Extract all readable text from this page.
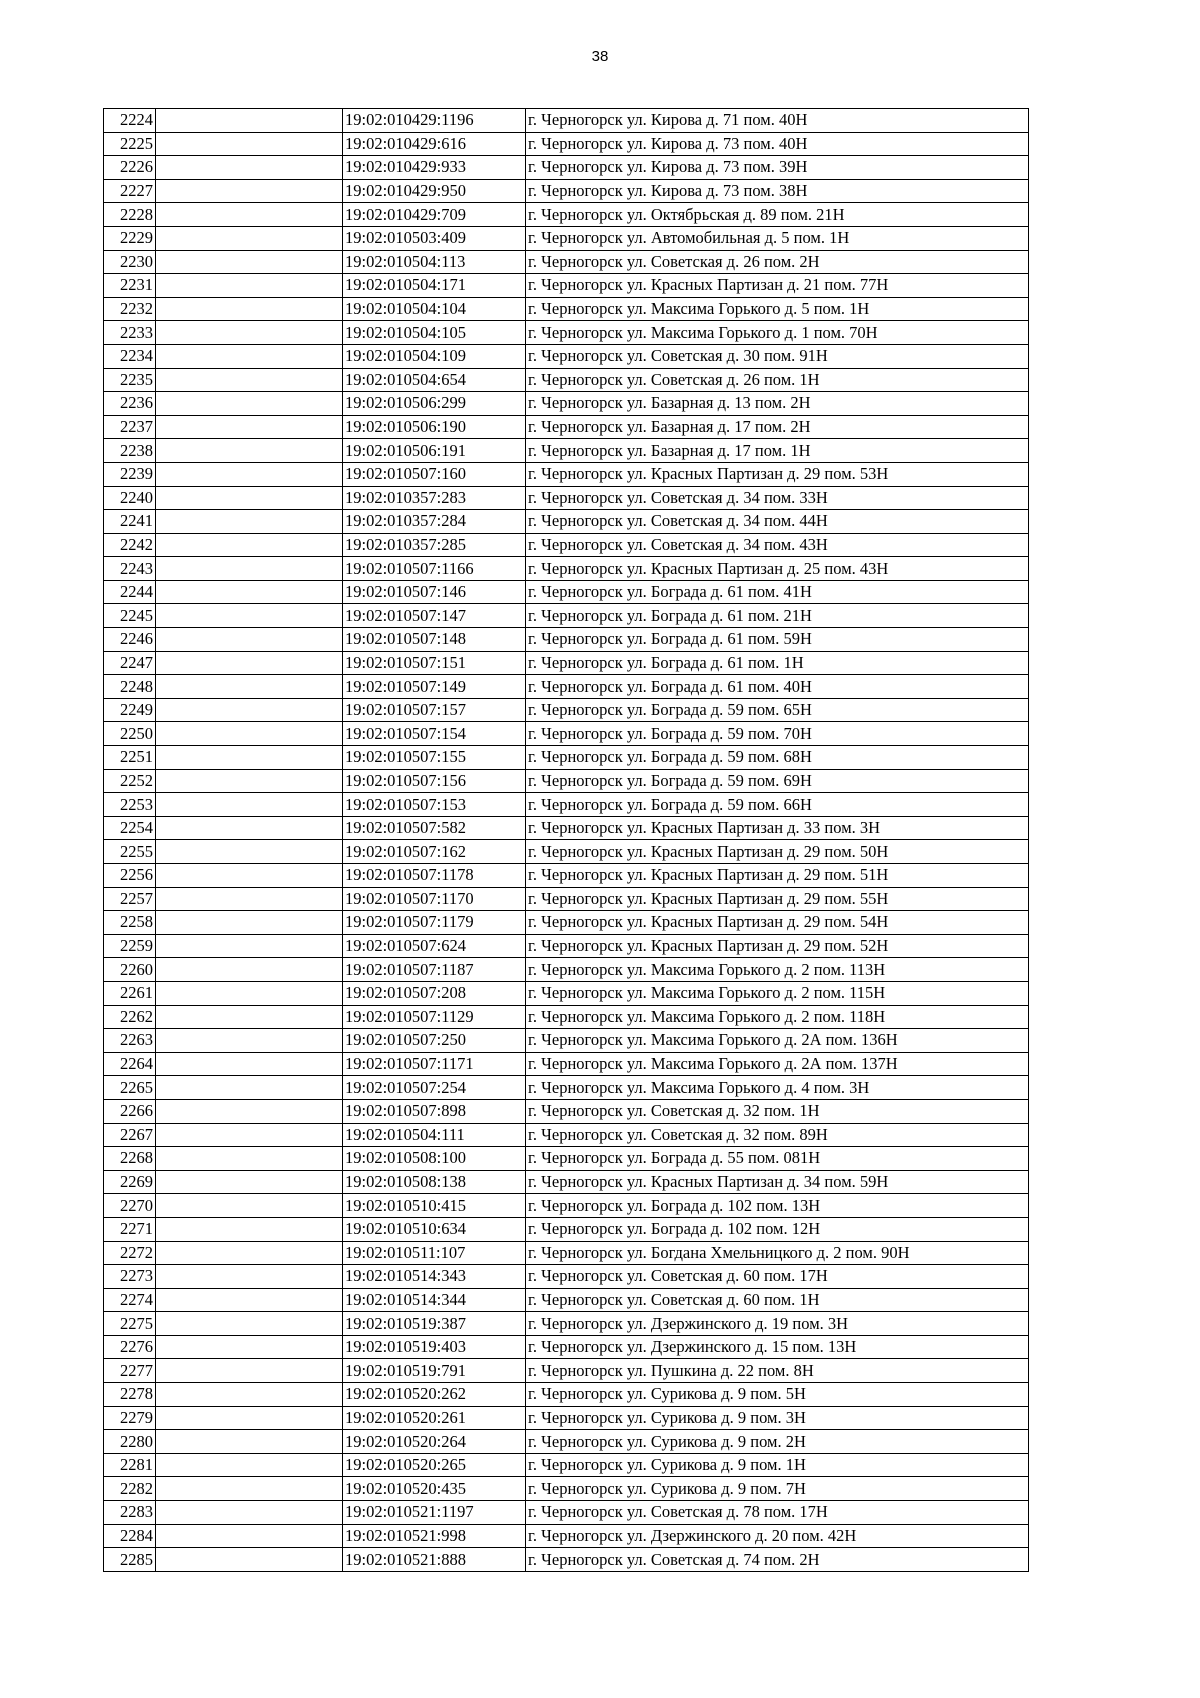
38
2224		19:02:010429:1196	г. Черногорск ул. Кирова д. 71 пом. 40Н
2225		19:02:010429:616	г. Черногорск ул. Кирова д. 73 пом. 40Н
2226		19:02:010429:933	г. Черногорск ул. Кирова д. 73 пом. 39Н
2227		19:02:010429:950	г. Черногорск ул. Кирова д. 73 пом. 38Н
2228		19:02:010429:709	г. Черногорск ул. Октябрьская д. 89 пом. 21Н
2229		19:02:010503:409	г. Черногорск ул. Автомобильная д. 5 пом. 1Н
2230		19:02:010504:113	г. Черногорск ул. Советская д. 26 пом. 2Н
2231		19:02:010504:171	г. Черногорск ул. Красных Партизан д. 21 пом. 77Н
2232		19:02:010504:104	г. Черногорск ул. Максима Горького д. 5 пом. 1Н
2233		19:02:010504:105	г. Черногорск ул. Максима Горького д. 1 пом. 70Н
2234		19:02:010504:109	г. Черногорск ул. Советская д. 30 пом. 91Н
2235		19:02:010504:654	г. Черногорск ул. Советская д. 26 пом. 1Н
2236		19:02:010506:299	г. Черногорск ул. Базарная д. 13 пом. 2Н
2237		19:02:010506:190	г. Черногорск ул. Базарная д. 17 пом. 2Н
2238		19:02:010506:191	г. Черногорск ул. Базарная д. 17 пом. 1Н
2239		19:02:010507:160	г. Черногорск ул. Красных Партизан д. 29 пом. 53Н
2240		19:02:010357:283	г. Черногорск ул. Советская д. 34 пом. 33Н
2241		19:02:010357:284	г. Черногорск ул. Советская д. 34 пом. 44Н
2242		19:02:010357:285	г. Черногорск ул. Советская д. 34 пом. 43Н
2243		19:02:010507:1166	г. Черногорск ул. Красных Партизан д. 25 пом. 43Н
2244		19:02:010507:146	г. Черногорск ул. Бограда д. 61 пом. 41Н
2245		19:02:010507:147	г. Черногорск ул. Бограда д. 61 пом. 21Н
2246		19:02:010507:148	г. Черногорск ул. Бограда д. 61 пом. 59Н
2247		19:02:010507:151	г. Черногорск ул. Бограда д. 61 пом. 1Н
2248		19:02:010507:149	г. Черногорск ул. Бограда д. 61 пом. 40Н
2249		19:02:010507:157	г. Черногорск ул. Бограда д. 59 пом. 65Н
2250		19:02:010507:154	г. Черногорск ул. Бограда д. 59 пом. 70Н
2251		19:02:010507:155	г. Черногорск ул. Бограда д. 59 пом. 68Н
2252		19:02:010507:156	г. Черногорск ул. Бограда д. 59 пом. 69Н
2253		19:02:010507:153	г. Черногорск ул. Бограда д. 59 пом. 66Н
2254		19:02:010507:582	г. Черногорск ул. Красных Партизан д. 33 пом. 3Н
2255		19:02:010507:162	г. Черногорск ул. Красных Партизан д. 29 пом. 50Н
2256		19:02:010507:1178	г. Черногорск ул. Красных Партизан д. 29 пом. 51Н
2257		19:02:010507:1170	г. Черногорск ул. Красных Партизан д. 29 пом. 55Н
2258		19:02:010507:1179	г. Черногорск ул. Красных Партизан д. 29 пом. 54Н
2259		19:02:010507:624	г. Черногорск ул. Красных Партизан д. 29 пом. 52Н
2260		19:02:010507:1187	г. Черногорск ул. Максима Горького д. 2 пом. 113Н
2261		19:02:010507:208	г. Черногорск ул. Максима Горького д. 2 пом. 115Н
2262		19:02:010507:1129	г. Черногорск ул. Максима Горького д. 2 пом. 118Н
2263		19:02:010507:250	г. Черногорск ул. Максима Горького д. 2А пом. 136Н
2264		19:02:010507:1171	г. Черногорск ул. Максима Горького д. 2А пом. 137Н
2265		19:02:010507:254	г. Черногорск ул. Максима Горького д. 4 пом. 3Н
2266		19:02:010507:898	г. Черногорск ул. Советская д. 32 пом. 1Н
2267		19:02:010504:111	г. Черногорск ул. Советская д. 32 пом. 89Н
2268		19:02:010508:100	г. Черногорск ул. Бограда д. 55 пом. 081Н
2269		19:02:010508:138	г. Черногорск ул. Красных Партизан д. 34 пом. 59Н
2270		19:02:010510:415	г. Черногорск ул. Бограда д. 102 пом. 13Н
2271		19:02:010510:634	г. Черногорск ул. Бограда д. 102 пом. 12Н
2272		19:02:010511:107	г. Черногорск ул. Богдана Хмельницкого д. 2 пом. 90Н
2273		19:02:010514:343	г. Черногорск ул. Советская д. 60 пом. 17Н
2274		19:02:010514:344	г. Черногорск ул. Советская д. 60 пом. 1Н
2275		19:02:010519:387	г. Черногорск ул. Дзержинского д. 19 пом. 3Н
2276		19:02:010519:403	г. Черногорск ул. Дзержинского д. 15 пом. 13Н
2277		19:02:010519:791	г. Черногорск ул. Пушкина д. 22 пом. 8Н
2278		19:02:010520:262	г. Черногорск ул. Сурикова д. 9 пом. 5Н
2279		19:02:010520:261	г. Черногорск ул. Сурикова д. 9 пом. 3Н
2280		19:02:010520:264	г. Черногорск ул. Сурикова д. 9 пом. 2Н
2281		19:02:010520:265	г. Черногорск ул. Сурикова д. 9 пом. 1Н
2282		19:02:010520:435	г. Черногорск ул. Сурикова д. 9 пом. 7Н
2283		19:02:010521:1197	г. Черногорск ул. Советская д. 78 пом. 17Н
2284		19:02:010521:998	г. Черногорск ул. Дзержинского д. 20 пом. 42Н
2285		19:02:010521:888	г. Черногорск ул. Советская д. 74 пом. 2Н
